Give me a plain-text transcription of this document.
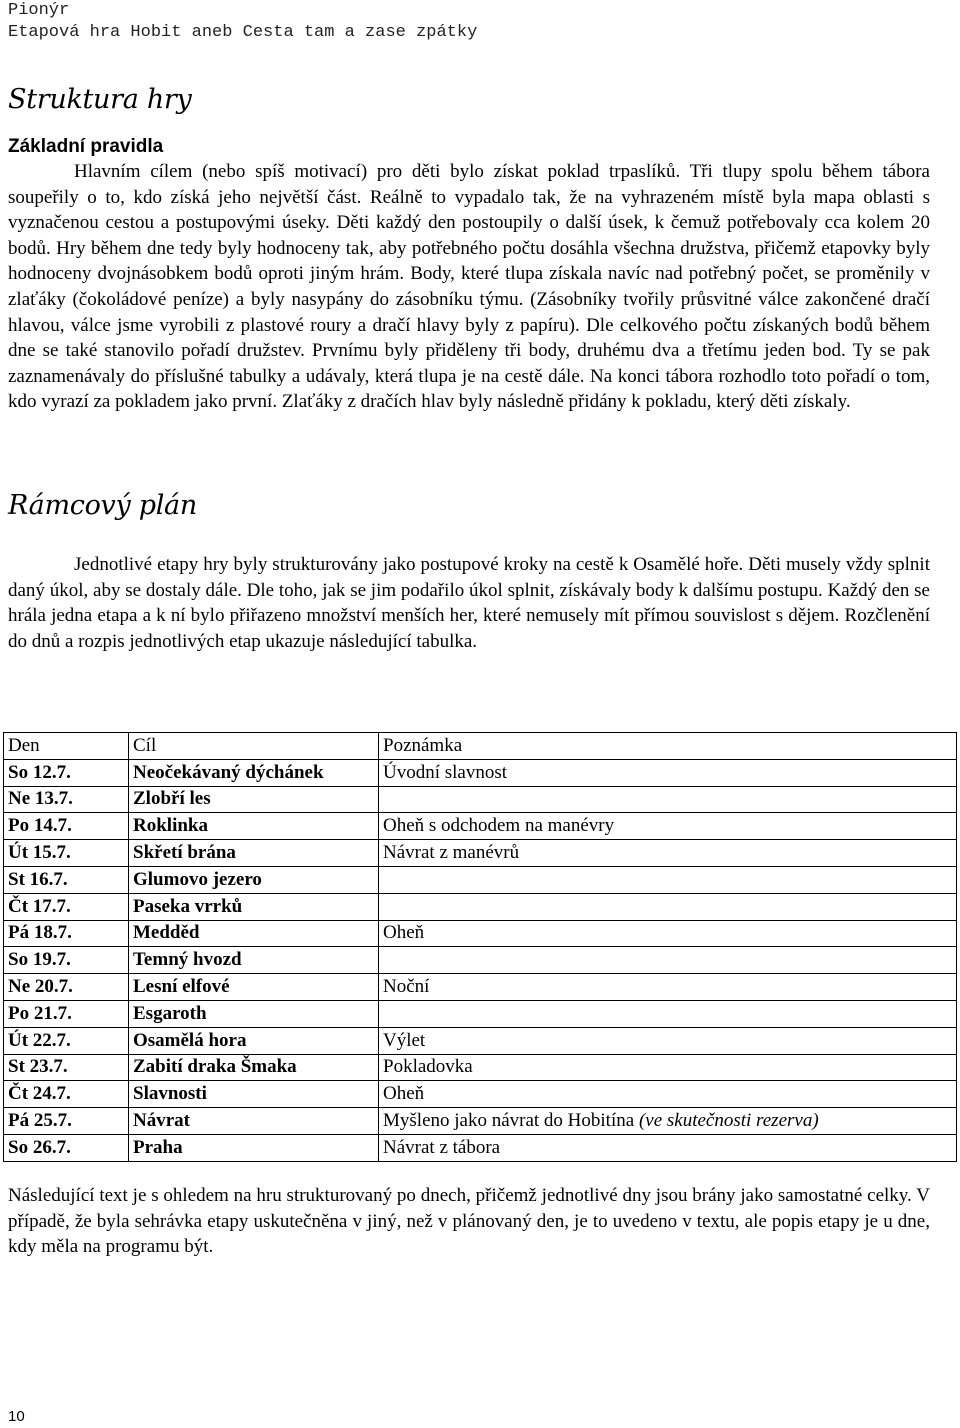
Pionýr
Etapová hra Hobit aneb Cesta tam a zase zpátky
Struktura hry
Základní pravidla

Hlavním cílem (nebo spíš motivací) pro děti bylo získat poklad trpaslíků. Tři tlupy spolu během tábora soupeřily o to, kdo získá jeho největší část. Reálně to vypadalo tak, že na vyhrazeném místě byla mapa oblasti s vyznačenou cestou a postupovými úseky. Děti každý den postoupily o další úsek, k čemuž potřebovaly cca kolem 20 bodů. Hry během dne tedy byly hodnoceny tak, aby potřebného počtu dosáhla všechna družstva, přičemž etapovky byly hodnoceny dvojnásobkem bodů oproti jiným hrám. Body, které tlupa získala navíc nad potřebný počet, se proměnily v zlaťáky (čokoládové peníze) a byly nasypány do zásobníku týmu. (Zásobníky tvořily průsvitné válce zakončené dračí hlavou, válce jsme vyrobili z plastové roury a dračí hlavy byly z papíru). Dle celkového počtu získaných bodů během dne se také stanovilo pořadí družstev. Prvnímu byly přiděleny tři body, druhému dva a třetímu jeden bod. Ty se pak zaznamenávaly do příslušné tabulky a udávaly, která tlupa je na cestě dále. Na konci tábora rozhodlo toto pořadí o tom, kdo vyrazí za pokladem jako první. Zlaťáky z dračích hlav byly následně přidány k pokladu, který děti získaly.

Rámcový plán

Jednotlivé etapy hry byly strukturovány jako postupové kroky na cestě k Osamělé hoře. Děti musely vždy splnit daný úkol, aby se dostaly dále. Dle toho, jak se jim podařilo úkol splnit, získávaly body k dalšímu postupu. Každý den se hrála jedna etapa a k ní bylo přiřazeno množství menších her, které nemusely mít přímou souvislost s dějem. Rozčlenění do dnů a rozpis jednotlivých etap ukazuje následující tabulka.

Den	Cíl	Poznámka
So 12.7.	Neočekávaný dýchánek	Úvodní slavnost
Ne 13.7.	Zlobří les	
Po 14.7.	Roklinka	Oheň s odchodem na manévry
Út 15.7.	Skřetí brána	Návrat z manévrů
St 16.7.	Glumovo jezero	
Čt 17.7.	Paseka vrrků	
Pá 18.7.	Medděd	Oheň
So 19.7.	Temný hvozd	
Ne 20.7.	Lesní elfové	Noční
Po 21.7.	Esgaroth	
Út 22.7.	Osamělá hora	Výlet
St 23.7.	Zabití draka Šmaka	Pokladovka
Čt 24.7.	Slavnosti	Oheň
Pá 25.7.	Návrat	Myšleno jako návrat do Hobitína (ve skutečnosti rezerva)
So 26.7.	Praha	Návrat z tábora

Následující text je s ohledem na hru strukturovaný po dnech, přičemž jednotlivé dny jsou brány jako samostatné celky. V případě, že byla sehrávka etapy uskutečněna v jiný, než v plánovaný den, je to uvedeno v textu, ale popis etapy je u dne, kdy měla na programu být.

10
